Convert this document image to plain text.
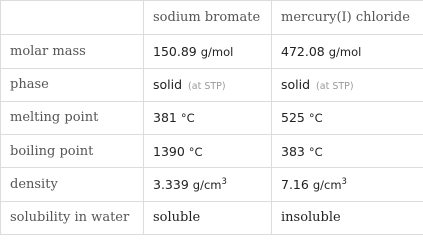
	sodium bromate	mercury(I) chloride
molar mass	150.89 g/mol	472.08 g/mol
phase	solid (at STP)	solid (at STP)
melting point	381 °C	525 °C
boiling point	1390 °C	383 °C
density	3.339 $g/cm^3$	7.16 $g/cm^3$
solubility in water	soluble	insoluble
